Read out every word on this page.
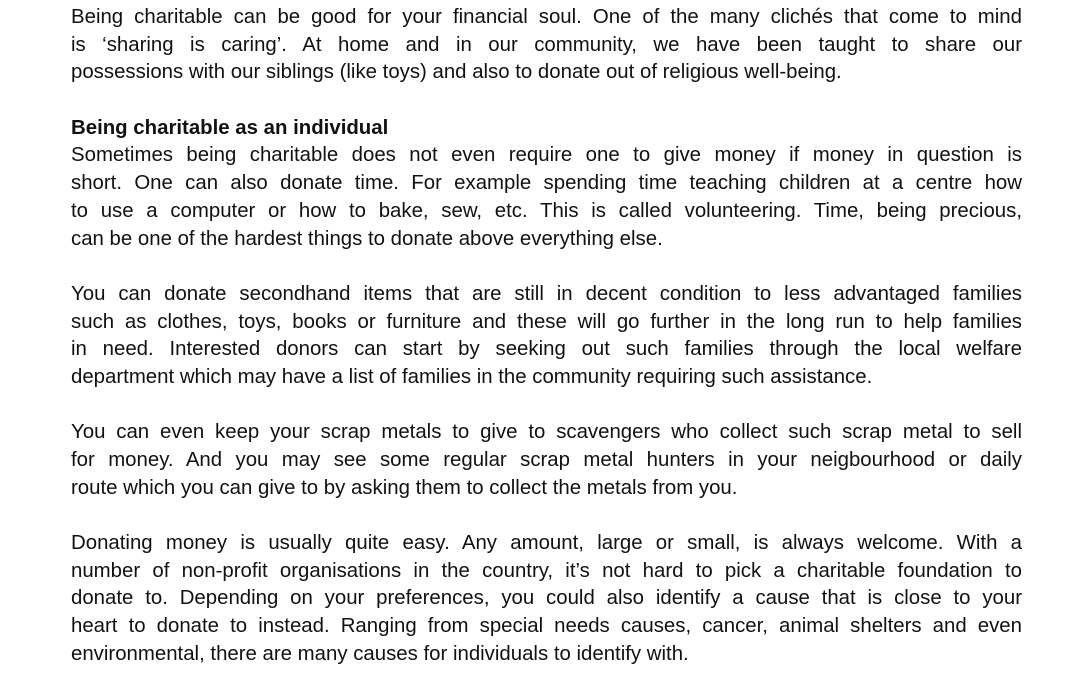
Being charitable can be good for your financial soul. One of the many clichés that come to mind
is ‘sharing is caring’. At home and in our community, we have been taught to share our
possessions with our siblings (like toys) and also to donate out of religious well-being.
Being charitable as an individual
Sometimes being charitable does not even require one to give money if money in question is
short. One can also donate time. For example spending time teaching children at a centre how
to use a computer or how to bake, sew, etc. This is called volunteering. Time, being precious,
can be one of the hardest things to donate above everything else.
You can donate secondhand items that are still in decent condition to less advantaged families
such as clothes, toys, books or furniture and these will go further in the long run to help families
in need. Interested donors can start by seeking out such families through the local welfare
department which may have a list of families in the community requiring such assistance.
You can even keep your scrap metals to give to scavengers who collect such scrap metal to sell
for money. And you may see some regular scrap metal hunters in your neigbourhood or daily
route which you can give to by asking them to collect the metals from you.
Donating money is usually quite easy. Any amount, large or small, is always welcome. With a
number of non-profit organisations in the country, it’s not hard to pick a charitable foundation to
donate to. Depending on your preferences, you could also identify a cause that is close to your
heart to donate to instead. Ranging from special needs causes, cancer, animal shelters and even
environmental, there are many causes for individuals to identify with.
